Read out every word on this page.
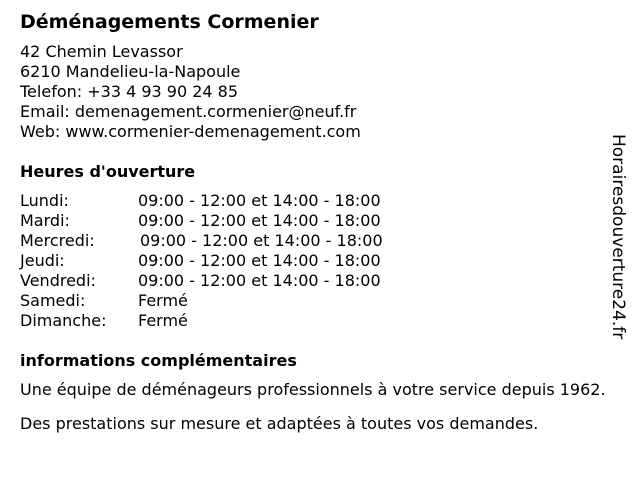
Déménagements Cormenier
42 Chemin Levassor
6210 Mandelieu-la-Napoule
Telefon: +33 4 93 90 24 85
Email: demenagement.cormenier@neuf.fr
Web: www.cormenier-demenagement.com
Heures d'ouverture
Lundi:	09:00 - 12:00 et 14:00 - 18:00
Mardi:	09:00 - 12:00 et 14:00 - 18:00
Mercredi:	09:00 - 12:00 et 14:00 - 18:00
Jeudi:	09:00 - 12:00 et 14:00 - 18:00
Vendredi:	09:00 - 12:00 et 14:00 - 18:00
Samedi:	Fermé
Dimanche:	Fermé
informations complémentaires

Une équipe de déménageurs professionnels à votre service depuis 1962.

Des prestations sur mesure et adaptées à toutes vos demandes.

Horairesdouverture24.fr
